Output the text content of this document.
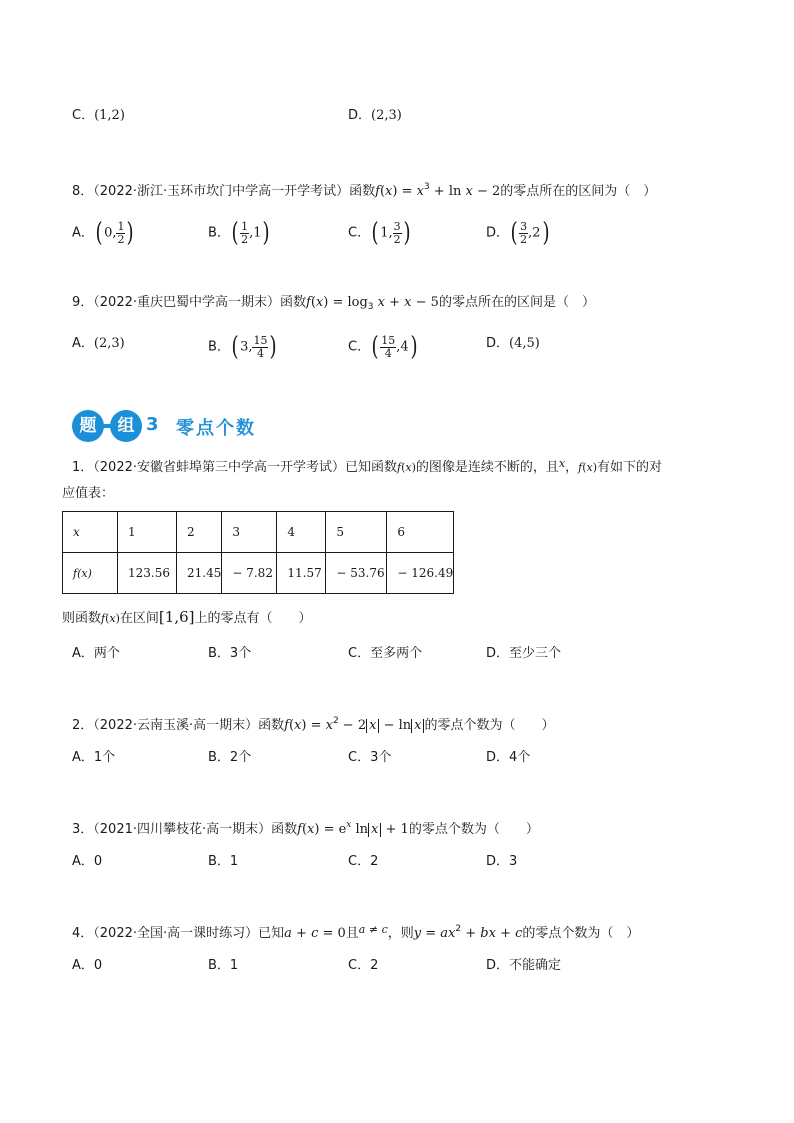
C．(1,2)	D．(2,3)
8．（2022·浙江·玉环市坎门中学高一开学考试）函数$f(x) = x^3 + \ln x - 2$的零点所在的区间为（　）
A．( 0, $\frac{1}{2}$ )	B．( $\frac{1}{2} ,1$)	C．( 1, $\frac{3}{2}$ )	D．( $\frac{3}{2} ,2$)
9．（2022·重庆巴蜀中学高一期末）函数$f(x) = \log_3 x + x - 5$的零点所在的区间是（　）
A．(2,3)	B．( 3, $\frac{15}{4}$ )	C．( $\frac{15}{4} ,4$)	D．(4,5)
题	组 3 零点个数
1．（2022·安徽省蚌埠第三中学高一开学考试）已知函数f(x)的图像是连续不断的，且$^x$，f(x)有如下的对
应值表：
x	1	2	3	4	5	6
f(x)	123.56	21.45	− 7.82	11.57	− 53.76	− 126.49
则函数f(x)在区间[1,6]上的零点有（　　）
A．两个	B．3个	C．至多两个	D．至少三个
2．（2022·云南玉溪·高一期末）函数$f(x) = x^2 - 2$ x − ln x 的零点个数为（　　）
A．1个	B．2个	C．3个	D．4个
3．（2021·四川攀枝花·高一期末）函数$f(x) = e^x$ ln x + 1的零点个数为（　　）
A．0	B．1	C．2	D．3
4．（2022·全国·高一课时练习）已知a + c = 0且$^{a \ne c}$，则$y = ax^2$ + bx + c的零点个数为（　）
A．0	B．1	C．2	D．不能确定
